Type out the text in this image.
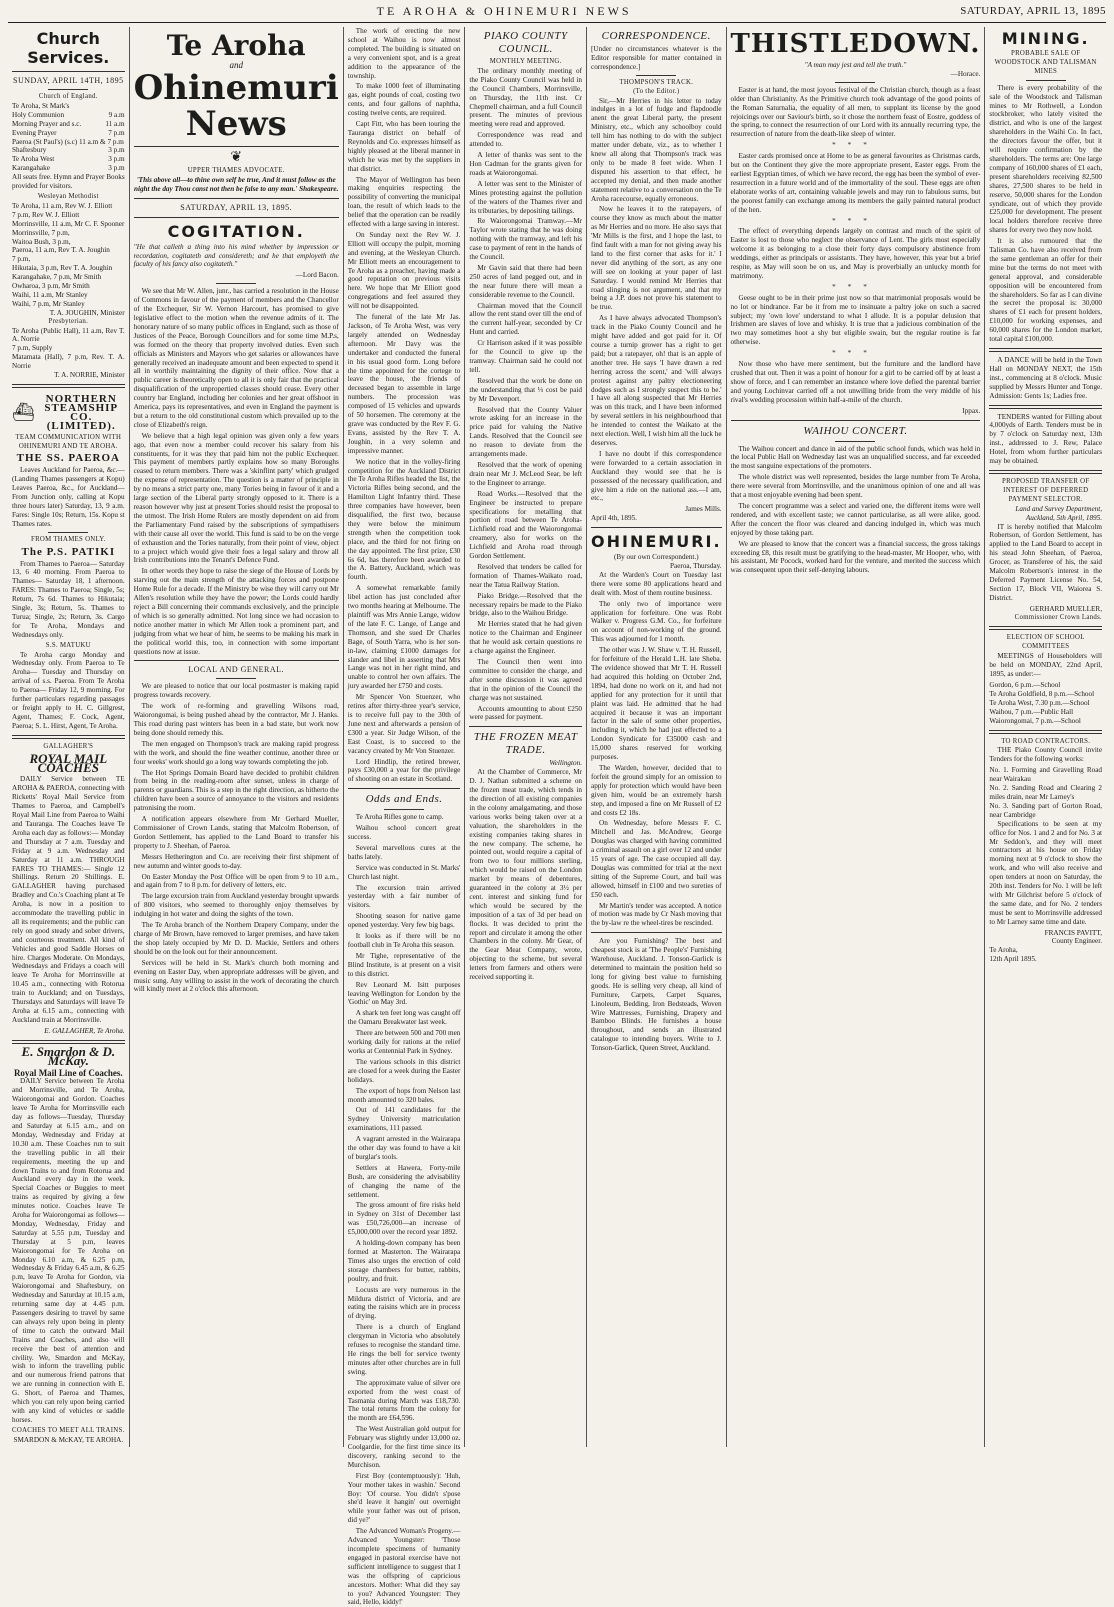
TE AROHA & OHINEMURI NEWS	SATURDAY, APRIL 13, 1895
Church Services.
SUNDAY, APRIL 14TH, 1895
Church of England.
Te Aroha, St Mark's
Holy Communion	9 a.m
Morning Prayer and s.c.	11 a.m
Evening Prayer	7 p.m
Paeroa (St Paul's) (s.c) 11 a.m & 7 p.m
Shaftesbury	3 p.m
Te Aroha West	3 p.m
Karangahake	3 p.m

All seats free. Hymn and Prayer Books provided for visitors.

Wesleyan Methodist
Te Aroha, 11 a.m, Rev W. J. Elliott
7 p.m, Rev W. J. Elliott
Morrinsville, 11 a.m, Mr C. F. Spooner
Morrinsville, 7 p.m,
Waitoa Bush, 3 p.m,
Paeroa, 11 a.m, Rev T. A. Joughin
7 p.m,
Hikutaia, 3 p.m, Rev T. A. Joughin
Karangahake, 7 p.m, Mr Smith
Owharoa, 3 p.m, Mr Smith
Waihi, 11 a.m, Mr Stanley
Waihi, 7 p.m, Mr Stanley
T. A. JOUGHIN, Minister
Presbyterian.
Te Aroha (Public Hall), 11 a.m, Rev T. A. Norrie
7 p.m, Supply
Matamata (Hall), 7 p.m, Rev. T. A. Norrie
T. A. NORRIE, Minister
⛴
NORTHERN STEAMSHIP CO. (LIMITED).
TEAM COMMUNICATION WITH OHINEMURI AND TE AROHA.
THE SS. PAEROA

Leaves Auckland for Paeroa, &c.— (Landing Thames passengers at Kopu) Leaves Paeroa, &c., for Auckland— From Junction only, calling at Kopu three hours later) Saturday, 13, 9 a.m. Fares: Single 10s; Return, 15s. Kopu st Thames rates.

FROM THAMES ONLY.
The P.S. PATIKI

From Thames to Paeroa— Saturday 13, 6 40 morning. From Paeroa to Thames— Saturday 18, 1 afternoon. FARES: Thames to Paeroa; Single, 5s; Return, 7s 6d. Thames to Hikutaia; Single, 3s; Return, 5s. Thames to Turua; Single, 2s; Return, 3s. Cargo for Te Aroha, Mondays and Wednesdays only.

S.S. MATUKU

Te Aroha cargo Monday and Wednesday only. From Paeroa to Te Aroha— Tuesday and Thursday on arrival of s.s. Paeroa. From Te Aroha to Paeroa— Friday 12, 9 morning. For further particulars regarding passages or freight apply to H. C. Gillgrest, Agent, Thames; F. Cock, Agent, Paeroa; S. L. Hirst, Agent, Te Aroha.

GALLAGHER'S
ROYAL MAIL COACHES

DAILY Service between TE AROHA & PAEROA, connecting with Ricketts' Royal Mail Service from Thames to Paeroa, and Campbell's Royal Mail Line from Paeroa to Waihi and Tauranga. The Coaches leave Te Aroha each day as follows:— Monday and Thursday at 7 a.m. Tuesday and Friday at 9 a.m. Wednesday and Saturday at 11 a.m. THROUGH FARES TO THAMES:— Single 12 Shillings. Return 20 Shillings. E. GALLAGHER having purchased Bradley and Co.'s Coaching plant at Te Aroha, is now in a position to accommodate the travelling public in all its requirements; and the public can rely on good steady and sober drivers, and courteous treatment. All kind of Vehicles and good Saddle Horses on hire. Charges Moderate. On Mondays, Wednesdays and Fridays a coach will leave Te Aroha for Morrinsville at 10.45 a.m., connecting with Rotorua train to Auckland; and on Tuesdays, Thursdays and Saturdays will leave Te Aroha at 6.15 a.m., connecting with Auckland train at Morrinsville.

E. GALLAGHER, Te Aroha.
E. Smardon & D. McKay.
Royal Mail Line of Coaches.

DAILY Service between Te Aroha and Morrinsville, and Te Aroha, Waiorongomai and Gordon. Coaches leave Te Aroha for Morrinsville each day as follows—Tuesday, Thursday and Saturday at 6.15 a.m., and on Monday, Wednesday and Friday at 10.30 a.m. These Coaches run to suit the travelling public in all their requirements, meeting the up and down Trains to and from Rotorua and Auckland every day in the week. Special Coaches or Buggies to meet trains as required by giving a few minutes notice. Coaches leave Te Aroha for Waiorongomai as follows—Monday, Wednesday, Friday and Saturday at 5.55 p.m, Tuesday and Thursday at 5 p.m, leaves Waiorongomai for Te Aroha on Monday 6.10 a.m, & 6.25 p.m, Wednesday & Friday 6.45 a.m, & 6.25 p.m, leave Te Aroha for Gordon, via Waiorongomai and Shaftesbury, on Wednesday and Saturday at 10.15 a.m, returning same day at 4.45 p.m. Passengers desiring to travel by same can always rely upon being in plenty of time to catch the outward Mail Trains and Coaches, and also will receive the best of attention and civility. We, Smardon and McKay, wish to inform the travelling public and our numerous friend patrons that we are running in connection with E. G. Short, of Paeroa and Thames, which you can rely upon being carried with any kind of vehicles or saddle horses.

COACHES TO MEET ALL TRAINS.
SMARDON & McKAY, TE AROHA.
Te Aroha
and
Ohinemuri News
❦
UPPER THAMES ADVOCATE.
'This above all—to thine own self be true, And it must follow as the night the day Thou canst not then be false to any man.' Shakespeare.
SATURDAY, APRIL 13, 1895.
COGITATION.

"He that calleth a thing into his mind whether by impression or recordation, cogitateth and considereth; and he that employeth the faculty of his fancy also cogitateth."

—Lord Bacon.

We see that Mr W. Allen, junr., has carried a resolution in the House of Commons in favour of the payment of members and the Chancellor of the Exchequer, Sir W. Vernon Harcourt, has promised to give legislative effect to the motion when the revenue admits of it. The honorary nature of so many public offices in England, such as those of Justices of the Peace, Borough Councillors and for some time M.P.s, was formed on the theory that property involved duties. Even such officials as Ministers and Mayors who get salaries or allowances have generally received an inadequate amount and been expected to spend it all in worthily maintaining the dignity of their office. Now that a public career is theoretically open to all it is only fair that the practical disqualification of the unpropertied classes should cease. Every other country bar England, including her colonies and her great offshoot in America, pays its representatives, and even in England the payment is but a return to the old constitutional custom which prevailed up to the close of Elizabeth's reign.

We believe that a high legal opinion was given only a few years ago, that even now a member could recover his salary from his constituents, for it was they that paid him not the public Exchequer. This payment of members partly explains how so many Boroughs ceased to return members. There was a 'skinflint party' which grudged the expense of representation. The question is a matter of principle in by no means a strict party one, many Tories being in favour of it and a large section of the Liberal party strongly opposed to it. There is a reason however why just at present Tories should resist the proposal to the utmost. The Irish Home Rulers are mostly dependent on aid from the Parliamentary Fund raised by the subscriptions of sympathisers with their cause all over the world. This fund is said to be on the verge of exhaustion and the Tories naturally, from their point of view, object to a project which would give their foes a legal salary and throw all Irish contributions into the Tenant's Defence Fund.

In other words they hope to raise the siege of the House of Lords by starving out the main strength of the attacking forces and postpone Home Rule for a decade. If the Ministry be wise they will carry out Mr Allen's resolution while they have the power; the Lords could hardly reject a Bill concerning their commands exclusively, and the principle of which is so generally admitted. Not long since we had occasion to notice another matter in which Mr Allen took a prominent part, and judging from what we hear of him, he seems to be making his mark in the political world this, too, in connection with some important questions now at issue.

LOCAL AND GENERAL.

We are pleased to notice that our local postmaster is making rapid progress towards recovery.

The work of re-forming and gravelling Wilsons road, Waiorongomai, is being pushed ahead by the contractor, Mr J. Hanks. This road during past winters has been in a bad state, but work now being done should remedy this.

The men engaged on Thompson's track are making rapid progress with the work, and should the fine weather continue, another three or four weeks' work should go a long way towards completing the job.

The Hot Springs Domain Board have decided to prohibit children from being in the reading-room after sunset, unless in charge of parents or guardians. This is a step in the right direction, as hitherto the children have been a source of annoyance to the visitors and residents patronising the room.

A notification appears elsewhere from Mr Gerhard Mueller, Commissioner of Crown Lands, stating that Malcolm Robertson, of Gordon Settlement, has applied to the Land Board to transfer his property to J. Sheehan, of Paeroa.

Messrs Hetherington and Co. are receiving their first shipment of new autumn and winter goods to-day.

On Easter Monday the Post Office will be open from 9 to 10 a.m., and again from 7 to 8 p.m. for delivery of letters, etc.

The large excursion train from Auckland yesterday brought upwards of 800 visitors, who seemed to thoroughly enjoy themselves by indulging in hot water and doing the sights of the town.

The Te Aroha branch of the Northern Drapery Company, under the charge of Mr Brown, have removed to larger premises, and have taken the shop lately occupied by Mr D. D. Mackie, Settlers and others should be on the look out for their announcement.

Services will be held in St. Mark's church both morning and evening on Easter Day, when appropriate addresses will be given, and music sung. Any willing to assist in the work of decorating the church will kindly meet at 2 o'clock this afternoon.

The work of erecting the new school at Waihou is now almost completed. The building is situated on a very convenient spot, and is a great addition to the appearance of the township.

To make 1000 feet of illuminating gas, eight pounds of coal, costing two cents, and four gallons of naphtha, costing twelve cents, are required.

Capt Fitt, who has been touring the Tauranga district on behalf of Reynolds and Co. expresses himself as highly pleased at the liberal manner in which he was met by the suppliers in that district.

The Mayor of Wellington has been making enquiries respecting the possibility of converting the municipal loan, the result of which leads to the belief that the operation can be readily effected with a large saving in interest.

On Sunday next the Rev W. J. Elliott will occupy the pulpit, morning and evening, at the Wesleyan Church. Mr Elliott meets an encouragement to Te Aroha as a preacher, having made a good reputation on previous visits here. We hope that Mr Elliott good congregations and feel assured they will not be disappointed.

The funeral of the late Mr Jas. Jackson, of Te Aroha West, was very largely attended on Wednesday afternoon. Mr Davy was the undertaker and conducted the funeral in his usual good form. Long before the time appointed for the cortege to leave the house, the friends of deceased began to assemble in large numbers. The procession was composed of 15 vehicles and upwards of 50 horsemen. The ceremony at the grave was conducted by the Rev F. G. Evans, assisted by the Rev T. A. Joughin, in a very solemn and impressive manner.

We notice that in the volley-firing competition for the Auckland District the Te Aroha Rifles headed the list, the Victoria Rifles being second, and the Hamilton Light Infantry third. These three companies have however, been disqualified, the first two, because they were below the minimum strength when the competition took place, and the third for not firing on the day appointed. The first prize, £30 6s 6d, has therefore been awarded to the A. Battery, Auckland, which was fourth.

A somewhat remarkable family libel action has just concluded after two months hearing at Melbourne. The plaintiff was Mrs Annie Lange, widow of the late F. C. Lange, of Lange and Thomson, and she sued Dr Charles Bage, of South Yarra, who is her son-in-law, claiming £1000 damages for slander and libel in asserting that Mrs Lange was not in her right mind, and unable to control her own affairs. The jury awarded her £750 and costs.

Mr Spencer Von Stuenzer, who retires after thirty-three year's service, is to receive full pay to the 30th of June next and afterwards a pension of £300 a year. Sir Judge Wilson, of the East Coast, is to succeed to the vacancy created by Mr Von Stuenzer.

Lord Hindlip, the retired brewer, pays £30,000 a year for the privilege of shooting on an estate in Scotland.

Odds and Ends.

Te Aroha Rifles gone to camp.

Waihou school concert great success.

Several marvellous cures at the baths lately.

Service was conducted in St. Marks' Church last night.

The excursion train arrived yesterday with a fair number of visitors.

Shooting season for native game opened yesterday. Very few big bags.

It looks as if there will be no football club in Te Aroha this season.

Mr Tighe, representative of the Blind Institute, is at present on a visit to this district.

Rev Leonard M. Isitt purposes leaving Wellington for London by the 'Gothic' on May 3rd.

A shark ten feet long was caught off the Oamaru Breakwater last week.

There are between 500 and 700 men working daily for rations at the relief works at Centennial Park in Sydney.

The various schools in this district are closed for a week during the Easter holidays.

The export of hops from Nelson last month amounted to 320 bales.

Out of 141 candidates for the Sydney University matriculation examinations, 111 passed.

A vagrant arrested in the Wairarapa the other day was found to have a kit of burglar's tools.

Settlers at Hawera, Forty-mile Bush, are considering the advisability of changing the name of the settlement.

The gross amount of fire risks held in Sydney on 31st of December last was £50,726,000—an increase of £5,000,000 over the record year 1892.

A holding-down company has been formed at Masterton. The Wairarapa Times also urges the erection of cold storage chambers for butter, rabbits, poultry, and fruit.

Locusts are very numerous in the Mildura district of Victoria, and are eating the raisins which are in process of drying.

There is a church of England clergyman in Victoria who absolutely refuses to recognise the standard time. He rings the bell for service twenty minutes after other churches are in full swing.

The approximate value of silver ore exported from the west coast of Tasmania during March was £18,730. The total returns from the colony for the month are £64,596.

The West Australian gold output for February was slightly under 13,000 oz. Coolgardie, for the first time since its discovery, ranking second to the Murchison.

First Boy (contemptuously): 'Huh, Your mother takes in washin.' Second Boy: 'Of course. You didn't s'pose she'd leave it hangin' out overnight while your father was out of prison, did ye?'

The Advanced Woman's Progeny.—Advanced Youngster: 'Those incomplete specimens of humanity engaged in pastoral exercise have not sufficient intelligence to suggest that I was the offspring of capricious ancestors. Mother: What did they say to you? Advanced Youngster: They said, Hello, kiddy!'

PIAKO COUNTY COUNCIL.
MONTHLY MEETING.

The ordinary monthly meeting of the Piako County Council was held in the Council Chambers, Morrinsville, on Thursday, the 11th inst. Cr Chepmell chairman, and a full Council present. The minutes of previous meeting were read and approved.

Correspondence was read and attended to.

A letter of thanks was sent to the Hon Cadman for the grants given for roads at Waiorongomai.

A letter was sent to the Minister of Mines protesting against the pollution of the waters of the Thames river and its tributaries, by depositing tailings.

Re Waiorongomai Tramway.—Mr Taylor wrote stating that he was doing nothing with the tramway, and left his case to payment of rent in the hands of the Council.

Mr Gavin said that there had been 250 acres of land pegged out, and in the near future there will mean a considerable revenue to the Council.

Chairman moved that the Council allow the rent stand over till the end of the current half-year, seconded by Cr Hunt and carried.

Cr Harrison asked if it was possible for the Council to give up the tramway. Chairman said he could not tell.

Resolved that the work be done on the understanding that ⅓ cost be paid by Mr Devenport.

Resolved that the County Valuer wrote asking for an increase in the price paid for valuing the Native Lands. Resolved that the Council see no reason to deviate from the arrangements made.

Resolved that the work of opening drain near Mr J. McLeod Sear, be left to the Engineer to arrange.

Road Works.—Resolved that the Engineer be instructed to prepare specifications for metalling that portion of road between Te Aroha-Lichfield road and the Waiorongomai creamery, also for works on the Lichfield and Aroha road through Gordon Settlement.

Resolved that tenders be called for formation of Thames-Waikato road, near the Tatua Railway Station.

Piako Bridge.—Resolved that the necessary repairs be made to the Piako bridge, also to the Waihou Bridge.

Mr Herries stated that he had given notice to the Chairman and Engineer that he would ask certain questions re a charge against the Engineer.

The Council then went into committee to consider the charge, and after some discussion it was agreed that in the opinion of the Council the charge was not sustained.

Accounts amounting to about £250 were passed for payment.

THE FROZEN MEAT TRADE.
Wellington.

At the Chamber of Commerce, Mr D. J. Nathan submitted a scheme on the frozen meat trade, which tends in the direction of all existing companies in the colony amalgamating, and those various works being taken over at a valuation, the shareholders in the existing companies taking shares in the new company. The scheme, he pointed out, would require a capital of from two to four millions sterling, which would be raised on the London market by means of debentures, guaranteed in the colony at 3½ per cent. interest and sinking fund for which would be secured by the imposition of a tax of 3d per head on flocks. It was decided to print the report and circulate it among the other Chambers in the colony. Mr Gear, of the Gear Meat Company, wrote, objecting to the scheme, but several letters from farmers and others were received supporting it.

CORRESPONDENCE.

[Under no circumstances whatever is the Editor responsible for matter contained in correspondence.]

THOMPSON'S TRACK.
(To the Editor.)

Sir,—Mr Herries in his letter to today indulges in a lot of fudge and flapdoodle anent the great Liberal party, the present Ministry, etc., which any schoolboy could tell him has nothing to do with the subject matter under debate, viz., as to whether I knew all along that Thompson's track was only to be made 8 feet wide. When I disputed his assertion to that effect, he accepted my denial, and then made another statement relative to a conversation on the Te Aroha racecourse, equally erroneous.

Now he leaves it to the ratepayers, of course they know as much about the matter as Mr Herries and no more. He also says that 'Mr Mills is the first, and I hope the last, to find fault with a man for not giving away his land to the first corner that asks for it.' I never did anything of the sort, as any one will see on looking at your paper of last Saturday. I would remind Mr Herries that road slinging is not argument, and that my being a J.P. does not prove his statement to be true.

As I have always advocated Thompson's track in the Piako County Council and he might have added and got paid for it. Of course a turnip grower has a right to get paid; but a ratepayer, oh! that is an apple of another tree. He says 'I have drawn a red herring across the scent,' and 'will always protest against any paltry electioneering dodges such as I strongly suspect this to be.' I have all along suspected that Mr Herries was on this track, and I have been informed by several settlers in his neighbourhood that he intended to contest the Waikato at the next election. Well, I wish him all the luck he deserves.

I have no doubt if this correspondence were forwarded to a certain association in Auckland they would see that he is possessed of the necessary qualification, and give him a ride on the national ass.—I am, etc.,

James Mills.
April 4th, 1895.
OHINEMURI.
(By our own Correspondent.)
Paeroa, Thursday.

At the Warden's Court on Tuesday last there were some 80 applications heard and dealt with. Most of them routine business.

The only two of importance were application for forfeiture. One was Robt Walker v. Progress G.M. Co., for forfeiture on account of non-working of the ground. This was adjourned for 1 month.

The other was J. W. Shaw v. T. H. Russell, for forfeiture of the Herald L.H. late Sheba. The evidence showed that Mr T. H. Russell had acquired this holding on October 2nd, 1894, had done no work on it, and had not applied for any protection for it until that plaint was laid. He admitted that he had acquired it because it was an important factor in the sale of some other properties, including it, which he had just effected to a London Syndicate for £35000 cash and 15,000 shares reserved for working purposes.

The Warden, however, decided that to forfeit the ground simply for an omission to apply for protection which would have been given him, would be an extremely harsh step, and imposed a fine on Mr Russell of £2 and costs £2 18s.

On Wednesday, before Messrs F. C. Mitchell and Jas. McAndrew, George Douglas was charged with having committed a criminal assault on a girl over 12 and under 15 years of age. The case occupied all day. Douglas was committed for trial at the next sitting of the Supreme Court, and bail was allowed, himself in £100 and two sureties of £50 each.

Mr Martin's tender was accepted. A notice of motion was made by Cr Nash moving that the by-law re the wheel-tires be rescinded.

Are you Furnishing? The best and cheapest stock is at 'The People's' Furnishing Warehouse, Auckland. J. Tonson-Garlick is determined to maintain the position held so long for giving best value to furnishing goods. He is selling very cheap, all kind of Furniture, Carpets, Carpet Squares, Linoleum, Bedding, Iron Bedsteads, Woven Wire Mattresses, Furnishing, Drapery and Bamboo Blinds. He furnishes a house throughout, and sends an illustrated catalogue to intending buyers. Write to J. Tonson-Garlick, Queen Street, Auckland.

THISTLEDOWN.
"A man may jest and tell the truth."
—Horace.

Easter is at hand, the most joyous festival of the Christian church, though as a feast older than Christianity. As the Primitive church took advantage of the good points of the Roman Saturnalia, the equality of all men, to supplant its license by the good rejoicings over our Saviour's birth, so it chose the northern feast of Eostre, goddess of the spring, to connect the resurrection of our Lord with its annually recurring type, the resurrection of nature from the death-like sleep of winter.

***

Easter cards promised once at Home to be as general favourites as Christmas cards, but on the Continent they give the more appropriate present, Easter eggs. From the earliest Egyptian times, of which we have record, the egg has been the symbol of ever-resurrection in a future world and of the immortality of the soul. These eggs are often elaborate works of art, containing valuable jewels and may run to fabulous sums, but the poorest family can exchange among its members the gaily painted natural product of the hen.

***

The effect of everything depends largely on contrast and much of the spirit of Easter is lost to those who neglect the observance of Lent. The girls most especially welcome it as belonging to a close their forty days compulsory abstinence from weddings, either as principals or assistants. They have, however, this year but a brief respite, as May will soon be on us, and May is proverbially an unlucky month for matrimony.

***

Geese ought to be in their prime just now so that matrimonial proposals would be no lot or hindrance. Far be it from me to insinuate a paltry joke on such a sacred subject; my 'own love' understand to what I allude. It is a popular delusion that Irishmen are slaves of love and whisky. It is true that a judicious combination of the two may sometimes hoot a shy but eligible swain, but the regular routine is far otherwise.

***

Now those who have mere sentiment, but the furniture and the landlord have crushed that out. Then it was a point of honour for a girl to be carried off by at least a show of force, and I can remember an instance where love defied the parental barrier and young Lochinvar carried off a not unwilling bride from the very middle of his rival's wedding procession within half-a-mile of the church.

Ippax.
WAIHOU CONCERT.

The Waihou concert and dance in aid of the public school funds, which was held in the local Public Hall on Wednesday last was an unqualified success, and far exceeded the most sanguine expectations of the promoters.

The whole district was well represented, besides the large number from Te Aroha, there were several from Morrinsville, and the unanimous opinion of one and all was that a most enjoyable evening had been spent.

The concert programme was a select and varied one, the different items were well rendered, and with excellent taste; we cannot particularise, as all were alike, good. After the concert the floor was cleared and dancing indulged in, which was much enjoyed by those taking part.

We are pleased to know that the concert was a financial success, the gross takings exceeding £8, this result must be gratifying to the head-master, Mr Hooper, who, with his assistant, Mr Pocock, worked hard for the venture, and merited the success which was consequent upon their self-denying labours.

MINING.
PROBABLE SALE OF WOODSTOCK AND TALISMAN MINES

There is every probability of the sale of the Woodstock and Talisman mines to Mr Rothwell, a London stockbroker, who lately visited the district, and who is one of the largest shareholders in the Waihi Co. In fact, the directors favour the offer, but it will require confirmation by the shareholders. The terms are: One large company of 160,000 shares of £1 each, present shareholders receiving 82,500 shares, 27,500 shares to be held in reserve, 50,000 shares for the London syndicate, out of which they provide £25,000 for development. The present local holders therefore receive three shares for every two they now hold.

It is also rumoured that the Talisman Co. have also received from the same gentleman an offer for their mine but the terms do not meet with general approval, and considerable opposition will be encountered from the shareholders. So far as I can divine the secret the proposal is: 30,000 shares of £1 each for present holders, £10,000 for working expenses, and 60,000 shares for the London market, total capital £100,000.

A DANCE will be held in the Town Hall on MONDAY NEXT, the 15th inst., commencing at 8 o'clock. Music supplied by Messrs Hunter and Tonge. Admission: Gents 1s; Ladies free.

TENDERS wanted for Filling about 4,000yds of Earth. Tenders must be in by 7 o'clock on Saturday next, 13th inst., addressed to J. Rew, Palace Hotel, from whom further particulars may be obtained.

PROPOSED TRANSFER OF INTEREST OF DEFERRED PAYMENT SELECTOR.
Land and Survey Department, Auckland, 5th April, 1895.

IT is hereby notified that Malcolm Robertson, of Gordon Settlement, has applied to the Land Board to accept in his stead John Sheehan, of Paeroa, Grocer, as Transferee of his, the said Malcolm Robertson's interest in the Deferred Payment License No. 54, Section 17, Block VII, Waiorea S. District.

GERHARD MUELLER,
Commissioner Crown Lands.
ELECTION OF SCHOOL COMMITTEES

MEETINGS of Householders will be held on MONDAY, 22nd April, 1895, as under:—

Gordon, 6 p.m.—School
Te Aroha Goldfield, 8 p.m.—School
Te Aroha West, 7.30 p.m.—School
Waihou, 7 p.m.—Public Hall
Waiorongomai, 7 p.m.—School
TO ROAD CONTRACTORS.

THE Piako County Council invite Tenders for the following works:

No. 1. Forming and Gravelling Road near Wairakau
No. 2. Sanding Road and Clearing 2 miles drain, near Mr Larney's
No. 3. Sanding part of Gorton Road, near Cambridge

Specifications to be seen at my office for Nos. 1 and 2 and for No. 3 at Mr Seddon's, and they will meet contractors at his house on Friday morning next at 9 o'clock to show the work, and who will also receive and open tenders at noon on Saturday, the 20th inst. Tenders for No. 1 will be left with Mr Gilchrist before 5 o'clock of the same date, and for No. 2 tenders must be sent to Morrinsville addressed to Mr Larney same time and date.

FRANCIS PAVITT,
County Engineer.
Te Aroha,
12th April 1895.
